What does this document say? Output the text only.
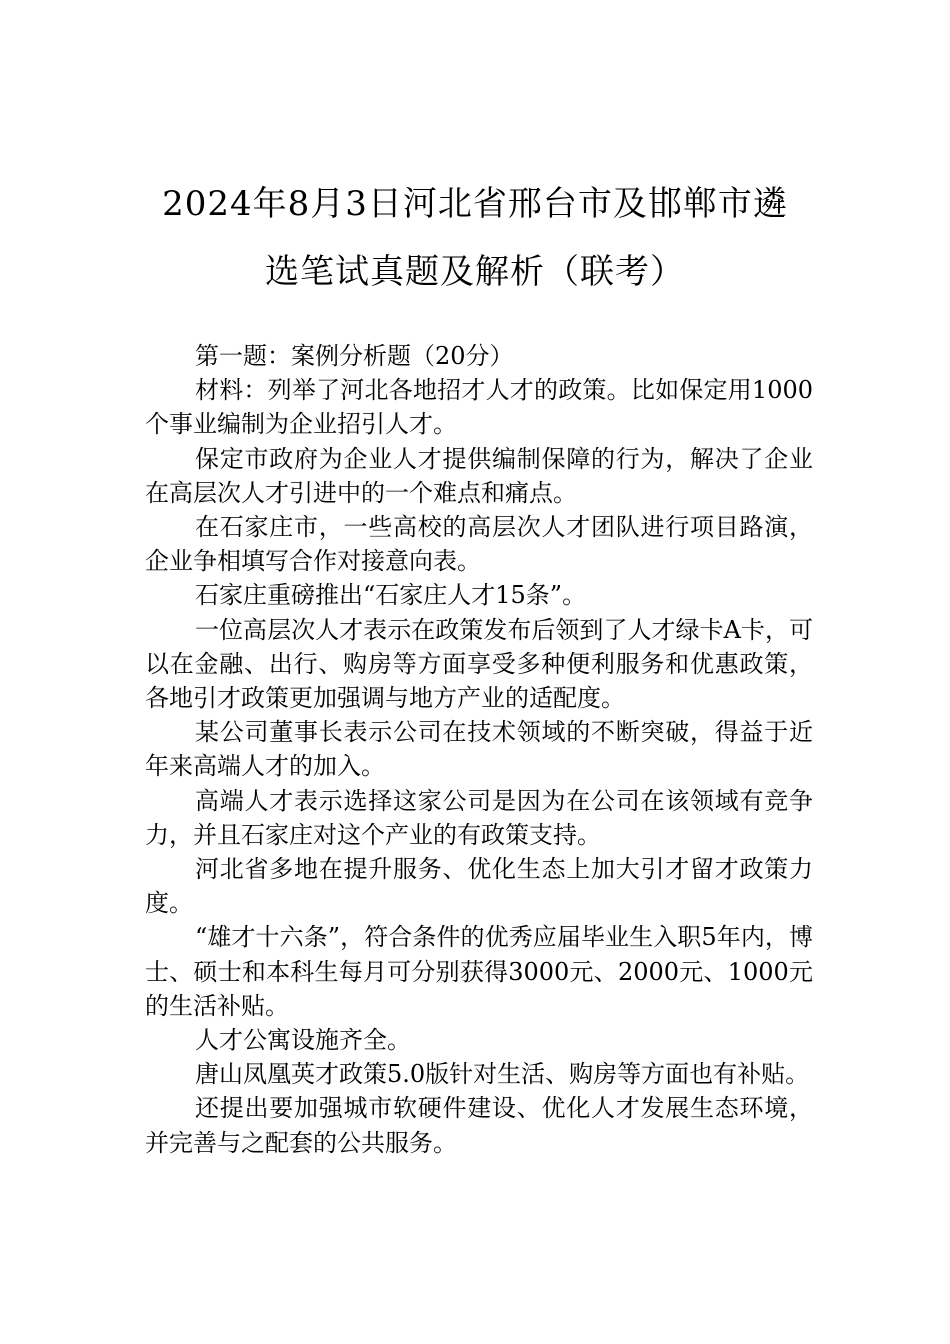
2024年8月3日河北省邢台市及邯郸市遴
选笔试真题及解析（联考）

第一题：案例分析题（20分）

材料：列举了河北各地招才人才的政策。比如保定用1000个事业编制为企业招引人才。

保定市政府为企业人才提供编制保障的行为，解决了企业在高层次人才引进中的一个难点和痛点。

在石家庄市，一些高校的高层次人才团队进行项目路演，企业争相填写合作对接意向表。

石家庄重磅推出“石家庄人才15条”。

一位高层次人才表示在政策发布后领到了人才绿卡A卡，可以在金融、出行、购房等方面享受多种便利服务和优惠政策，各地引才政策更加强调与地方产业的适配度。

某公司董事长表示公司在技术领域的不断突破，得益于近年来高端人才的加入。

高端人才表示选择这家公司是因为在公司在该领域有竞争力，并且石家庄对这个产业的有政策支持。

河北省多地在提升服务、优化生态上加大引才留才政策力度。

“雄才十六条”，符合条件的优秀应届毕业生入职5年内，博士、硕士和本科生每月可分别获得3000元、2000元、1000元的生活补贴。

人才公寓设施齐全。

唐山凤凰英才政策5.0版针对生活、购房等方面也有补贴。

还提出要加强城市软硬件建设、优化人才发展生态环境，并完善与之配套的公共服务。
